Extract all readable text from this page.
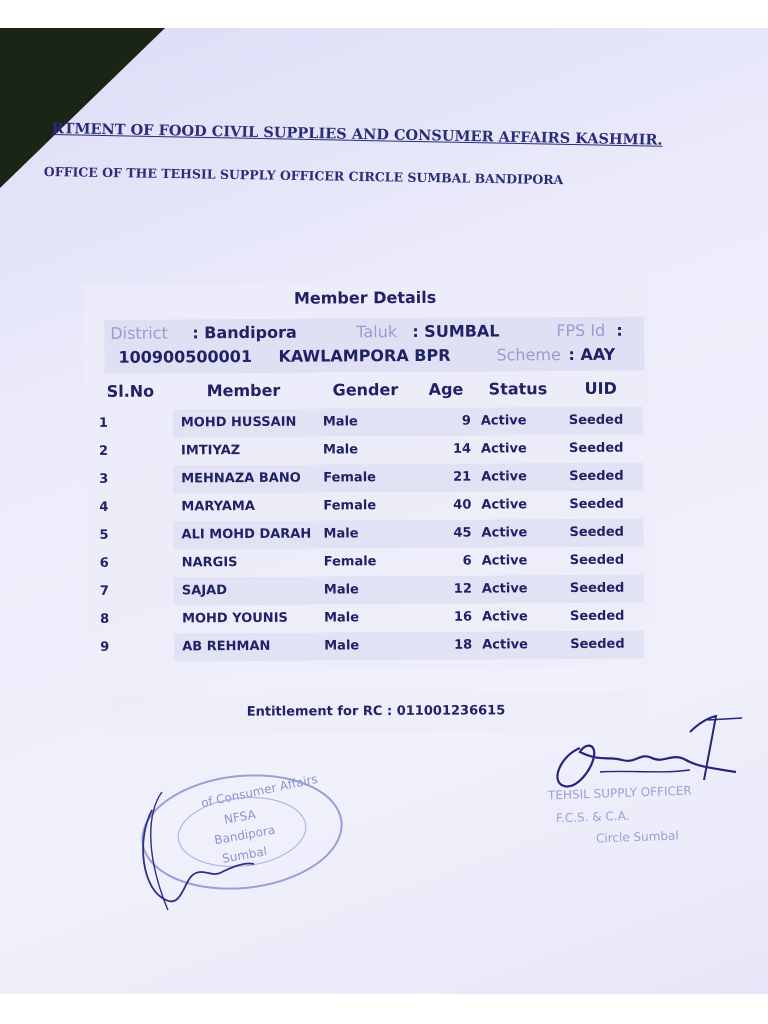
RTMENT OF FOOD CIVIL SUPPLIES AND CONSUMER AFFAIRS KASHMIR.
OFFICE OF THE TEHSIL SUPPLY OFFICER CIRCLE SUMBAL BANDIPORA
Member Details
District : Bandipora	Taluk : SUMBAL	FPS Id :
100900500001 KAWLAMPORA BPR	Scheme : AAY
Sl.No	Member	Gender Age Status UID
1	MOHD HUSSAIN Male	9 Active	Seeded
2	IMTIYAZ	Male	14 Active	Seeded
3	MEHNAZA BANO Female	21 Active	Seeded
4	MARYAMA	Female	40 Active	Seeded
5	ALI MOHD DARAH Male	45 Active	Seeded
6	NARGIS	Female	6 Active	Seeded
7	SAJAD	Male	12 Active	Seeded
8	MOHD YOUNIS	Male	16 Active	Seeded
9	AB REHMAN	Male	18 Active	Seeded
Entitlement for RC : 011001236615
of Consumer Affairs
NFSA
Bandipora
Sumbal
TEHSIL SUPPLY OFFICER
F.C.S. & C.A.
Circle Sumbal
